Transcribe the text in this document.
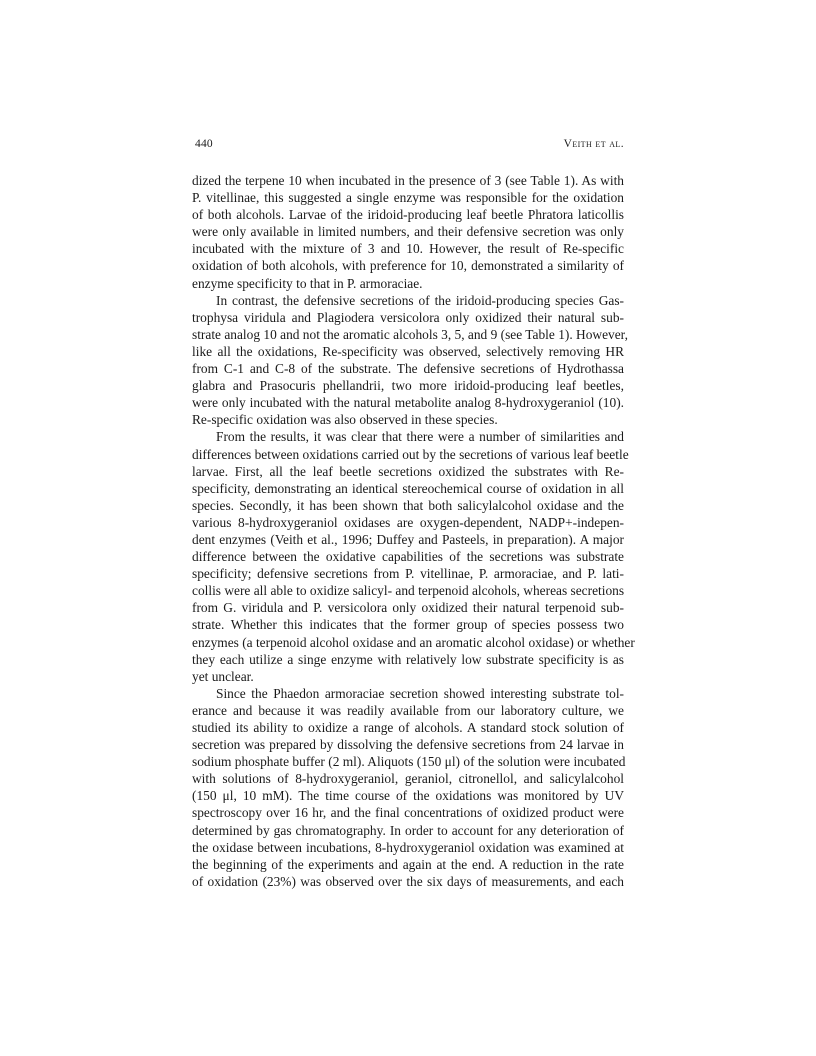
440	Veith et al.

dized the terpene 10 when incubated in the presence of 3 (see Table 1). As with
P. vitellinae, this suggested a single enzyme was responsible for the oxidation
of both alcohols. Larvae of the iridoid-producing leaf beetle Phratora laticollis
were only available in limited numbers, and their defensive secretion was only
incubated with the mixture of 3 and 10. However, the result of Re-specific
oxidation of both alcohols, with preference for 10, demonstrated a similarity of
enzyme specificity to that in P. armoraciae.

In contrast, the defensive secretions of the iridoid-producing species Gas-
trophysa viridula and Plagiodera versicolora only oxidized their natural sub-
strate analog 10 and not the aromatic alcohols 3, 5, and 9 (see Table 1). However,
like all the oxidations, Re-specificity was observed, selectively removing HR
from C-1 and C-8 of the substrate. The defensive secretions of Hydrothassa
glabra and Prasocuris phellandrii, two more iridoid-producing leaf beetles,
were only incubated with the natural metabolite analog 8-hydroxygeraniol (10).
Re-specific oxidation was also observed in these species.

From the results, it was clear that there were a number of similarities and
differences between oxidations carried out by the secretions of various leaf beetle
larvae. First, all the leaf beetle secretions oxidized the substrates with Re-
specificity, demonstrating an identical stereochemical course of oxidation in all
species. Secondly, it has been shown that both salicylalcohol oxidase and the
various 8-hydroxygeraniol oxidases are oxygen-dependent, NADP+-indepen-
dent enzymes (Veith et al., 1996; Duffey and Pasteels, in preparation). A major
difference between the oxidative capabilities of the secretions was substrate
specificity; defensive secretions from P. vitellinae, P. armoraciae, and P. lati-
collis were all able to oxidize salicyl- and terpenoid alcohols, whereas secretions
from G. viridula and P. versicolora only oxidized their natural terpenoid sub-
strate. Whether this indicates that the former group of species possess two
enzymes (a terpenoid alcohol oxidase and an aromatic alcohol oxidase) or whether
they each utilize a singe enzyme with relatively low substrate specificity is as
yet unclear.

Since the Phaedon armoraciae secretion showed interesting substrate tol-
erance and because it was readily available from our laboratory culture, we
studied its ability to oxidize a range of alcohols. A standard stock solution of
secretion was prepared by dissolving the defensive secretions from 24 larvae in
sodium phosphate buffer (2 ml). Aliquots (150 μl) of the solution were incubated
with solutions of 8-hydroxygeraniol, geraniol, citronellol, and salicylalcohol
(150 μl, 10 mM). The time course of the oxidations was monitored by UV
spectroscopy over 16 hr, and the final concentrations of oxidized product were
determined by gas chromatography. In order to account for any deterioration of
the oxidase between incubations, 8-hydroxygeraniol oxidation was examined at
the beginning of the experiments and again at the end. A reduction in the rate
of oxidation (23%) was observed over the six days of measurements, and each
